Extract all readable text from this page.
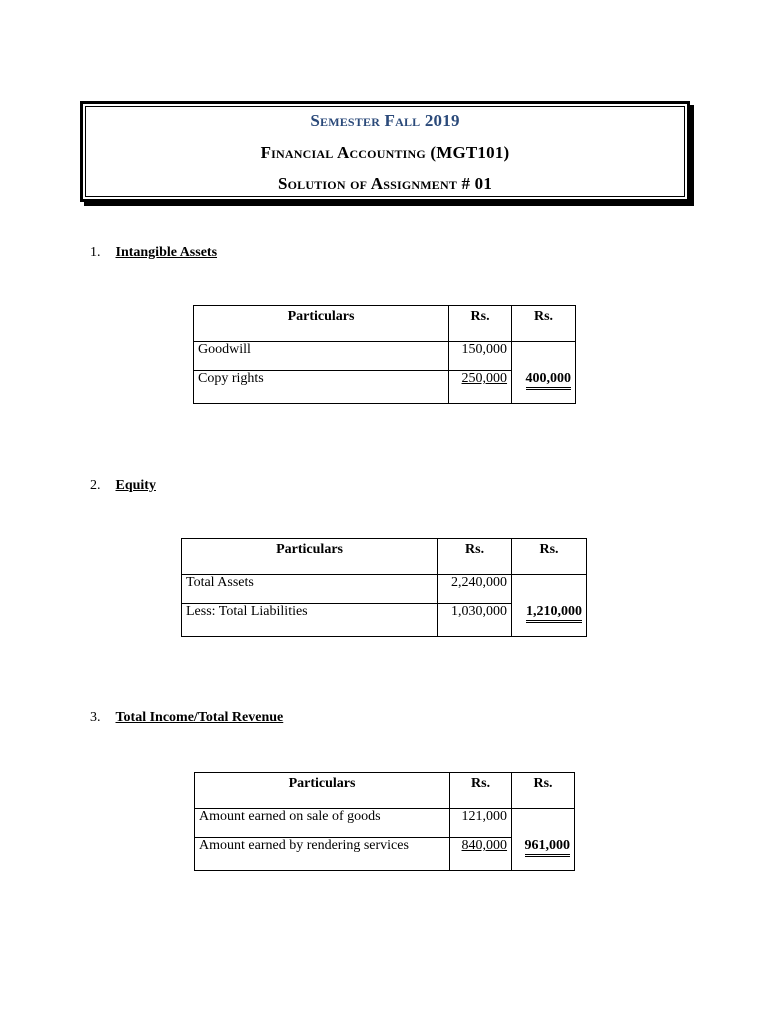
Semester Fall 2019
Financial Accounting (MGT101)
Solution of Assignment # 01
1. Intangible Assets
Particulars	Rs.	Rs.
Goodwill	150,000	
Copy rights	250,000	400,000
2. Equity
Particulars	Rs.	Rs.
Total Assets	2,240,000	
Less: Total Liabilities	1,030,000	1,210,000
3. Total Income/Total Revenue
Particulars	Rs.	Rs.
Amount earned on sale of goods	121,000	
Amount earned by rendering services	840,000	961,000
